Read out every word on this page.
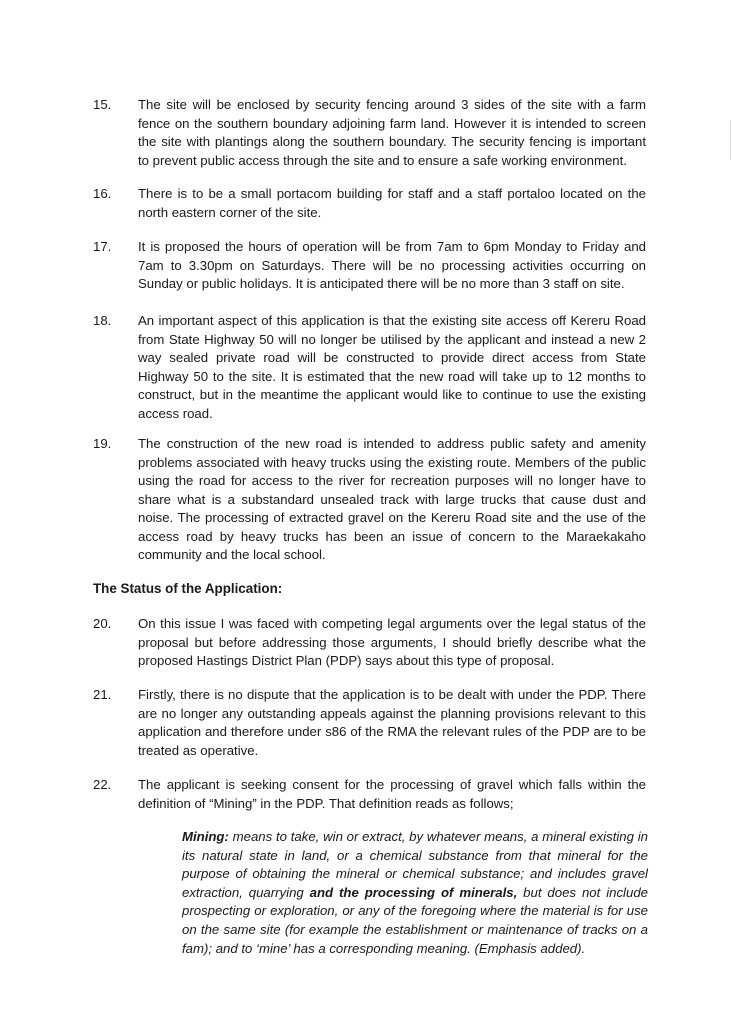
15.	The site will be enclosed by security fencing around 3 sides of the site with a farm fence on the southern boundary adjoining farm land. However it is intended to screen the site with plantings along the southern boundary. The security fencing is important to prevent public access through the site and to ensure a safe working environment.
16.	There is to be a small portacom building for staff and a staff portaloo located on the north eastern corner of the site.
17.	It is proposed the hours of operation will be from 7am to 6pm Monday to Friday and 7am to 3.30pm on Saturdays. There will be no processing activities occurring on Sunday or public holidays. It is anticipated there will be no more than 3 staff on site.
18.	An important aspect of this application is that the existing site access off Kereru Road from State Highway 50 will no longer be utilised by the applicant and instead a new 2 way sealed private road will be constructed to provide direct access from State Highway 50 to the site. It is estimated that the new road will take up to 12 months to construct, but in the meantime the applicant would like to continue to use the existing access road.
19.	The construction of the new road is intended to address public safety and amenity problems associated with heavy trucks using the existing route. Members of the public using the road for access to the river for recreation purposes will no longer have to share what is a substandard unsealed track with large trucks that cause dust and noise. The processing of extracted gravel on the Kereru Road site and the use of the access road by heavy trucks has been an issue of concern to the Maraekakaho community and the local school.
The Status of the Application:
20.	On this issue I was faced with competing legal arguments over the legal status of the proposal but before addressing those arguments, I should briefly describe what the proposed Hastings District Plan (PDP) says about this type of proposal.
21.	Firstly, there is no dispute that the application is to be dealt with under the PDP. There are no longer any outstanding appeals against the planning provisions relevant to this application and therefore under s86 of the RMA the relevant rules of the PDP are to be treated as operative.
22.	The applicant is seeking consent for the processing of gravel which falls within the definition of “Mining” in the PDP. That definition reads as follows;
Mining: means to take, win or extract, by whatever means, a mineral existing in its natural state in land, or a chemical substance from that mineral for the purpose of obtaining the mineral or chemical substance; and includes gravel extraction, quarrying and the processing of minerals, but does not include prospecting or exploration, or any of the foregoing where the material is for use on the same site (for example the establishment or maintenance of tracks on a fam); and to ‘mine’ has a corresponding meaning. (Emphasis added).
